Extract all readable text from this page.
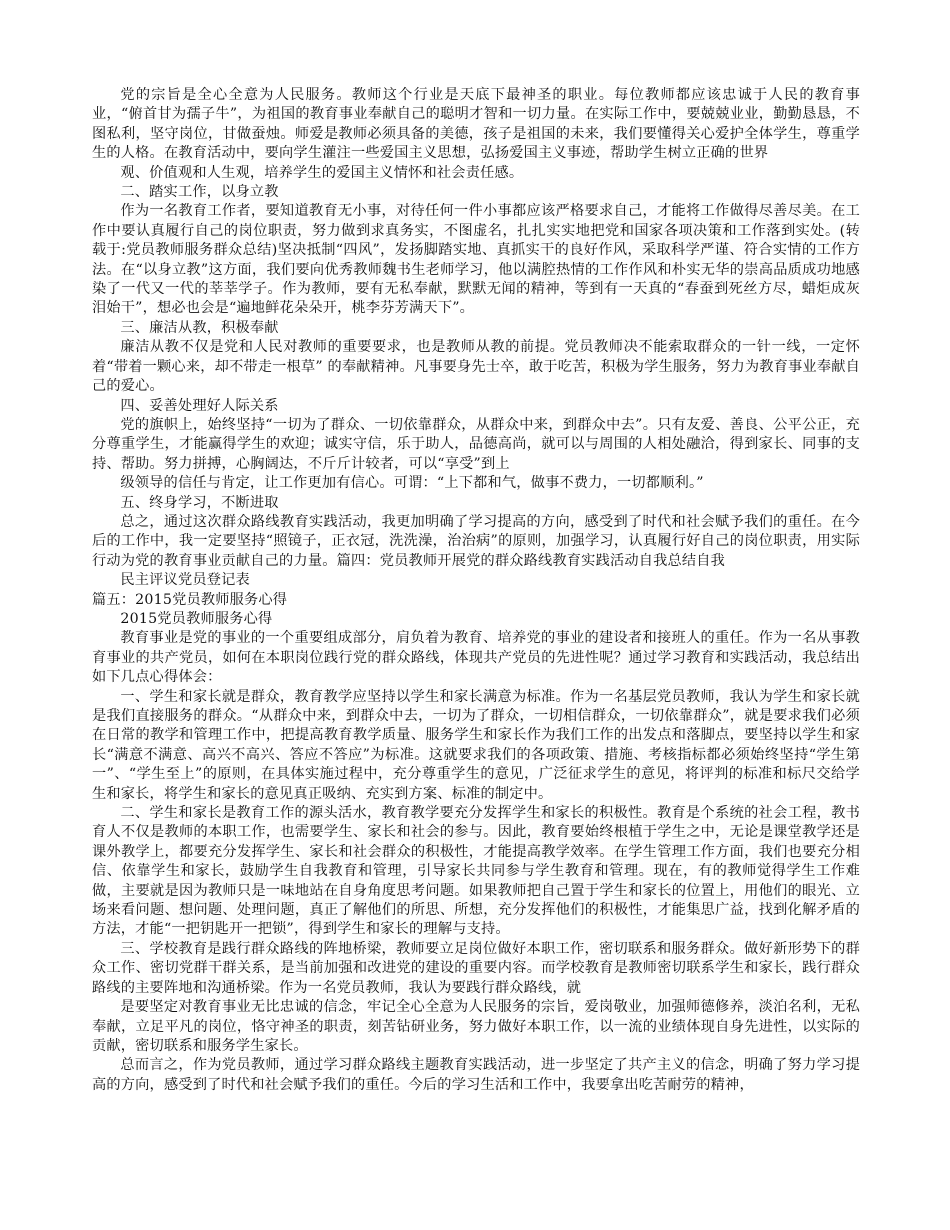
党的宗旨是全心全意为人民服务。教师这个行业是天底下最神圣的职业。每位教师都应该忠诚于人民的教育事业，“俯首甘为孺子牛”，为祖国的教育事业奉献自己的聪明才智和一切力量。在实际工作中，要兢兢业业，勤勤恳恳，不图私利，坚守岗位，甘做蚕烛。师爱是教师必须具备的美德，孩子是祖国的未来，我们要懂得关心爱护全体学生，尊重学生的人格。在教育活动中，要向学生灌注一些爱国主义思想，弘扬爱国主义事迹，帮助学生树立正确的世界

观、价值观和人生观，培养学生的爱国主义情怀和社会责任感。

二、踏实工作，以身立教

作为一名教育工作者，要知道教育无小事，对待任何一件小事都应该严格要求自己，才能将工作做得尽善尽美。在工作中要认真履行自己的岗位职责，努力做到求真务实，不图虚名，扎扎实实地把党和国家各项决策和工作落到实处。(转载于:党员教师服务群众总结)坚决抵制“四风”，发扬脚踏实地、真抓实干的良好作风，采取科学严谨、符合实情的工作方法。在“以身立教”这方面，我们要向优秀教师魏书生老师学习，他以满腔热情的工作作风和朴实无华的崇高品质成功地感染了一代又一代的莘莘学子。作为教师，要有无私奉献，默默无闻的精神，等到有一天真的“春蚕到死丝方尽，蜡炬成灰泪始干”，想必也会是“遍地鲜花朵朵开，桃李芬芳满天下”。

三、廉洁从教，积极奉献

廉洁从教不仅是党和人民对教师的重要要求，也是教师从教的前提。党员教师决不能索取群众的一针一线，一定怀着“带着一颗心来，却不带走一根草” 的奉献精神。凡事要身先士卒，敢于吃苦，积极为学生服务，努力为教育事业奉献自己的爱心。

四、妥善处理好人际关系

党的旗帜上，始终坚持“一切为了群众、一切依靠群众，从群众中来，到群众中去”。只有友爱、善良、公平公正，充分尊重学生，才能赢得学生的欢迎；诚实守信，乐于助人，品德高尚，就可以与周围的人相处融洽，得到家长、同事的支持、帮助。努力拼搏，心胸阔达，不斤斤计较者，可以“享受”到上

级领导的信任与肯定，让工作更加有信心。可谓：“上下都和气，做事不费力，一切都顺利。”

五、终身学习，不断进取

总之，通过这次群众路线教育实践活动，我更加明确了学习提高的方向，感受到了时代和社会赋予我们的重任。在今后的工作中，我一定要坚持“照镜子，正衣冠，洗洗澡，治治病”的原则，加强学习，认真履行好自己的岗位职责，用实际行动为党的教育事业贡献自己的力量。篇四：党员教师开展党的群众路线教育实践活动自我总结自我

民主评议党员登记表

篇五：2015党员教师服务心得

2015党员教师服务心得

教育事业是党的事业的一个重要组成部分，肩负着为教育、培养党的事业的建设者和接班人的重任。作为一名从事教育事业的共产党员，如何在本职岗位践行党的群众路线，体现共产党员的先进性呢？通过学习教育和实践活动，我总结出如下几点心得体会：

一、学生和家长就是群众，教育教学应坚持以学生和家长满意为标准。作为一名基层党员教师，我认为学生和家长就是我们直接服务的群众。“从群众中来，到群众中去，一切为了群众，一切相信群众，一切依靠群众”，就是要求我们必须在日常的教学和管理工作中，把提高教育教学质量、服务学生和家长作为我们工作的出发点和落脚点，要坚持以学生和家长“满意不满意、高兴不高兴、答应不答应”为标准。这就要求我们的各项政策、措施、考核指标都必须始终坚持“学生第一”、“学生至上”的原则，在具体实施过程中，充分尊重学生的意见，广泛征求学生的意见，将评判的标准和标尺交给学生和家长，将学生和家长的意见真正吸纳、充实到方案、标准的制定中。

二、学生和家长是教育工作的源头活水，教育教学要充分发挥学生和家长的积极性。教育是个系统的社会工程，教书育人不仅是教师的本职工作，也需要学生、家长和社会的参与。因此，教育要始终根植于学生之中，无论是课堂教学还是课外教学上，都要充分发挥学生、家长和社会群众的积极性，才能提高教学效率。在学生管理工作方面，我们也要充分相信、依靠学生和家长，鼓励学生自我教育和管理，引导家长共同参与学生教育和管理。现在，有的教师觉得学生工作难做，主要就是因为教师只是一味地站在自身角度思考问题。如果教师把自己置于学生和家长的位置上，用他们的眼光、立场来看问题、想问题、处理问题，真正了解他们的所思、所想，充分发挥他们的积极性，才能集思广益，找到化解矛盾的方法，才能“一把钥匙开一把锁”，得到学生和家长的理解与支持。

三、学校教育是践行群众路线的阵地桥梁，教师要立足岗位做好本职工作，密切联系和服务群众。做好新形势下的群众工作、密切党群干群关系，是当前加强和改进党的建设的重要内容。而学校教育是教师密切联系学生和家长，践行群众路线的主要阵地和沟通桥梁。作为一名党员教师，我认为要践行群众路线，就

是要坚定对教育事业无比忠诚的信念，牢记全心全意为人民服务的宗旨，爱岗敬业，加强师德修养，淡泊名利，无私奉献，立足平凡的岗位，恪守神圣的职责，刻苦钻研业务，努力做好本职工作，以一流的业绩体现自身先进性，以实际的贡献，密切联系和服务学生家长。

总而言之，作为党员教师，通过学习群众路线主题教育实践活动，进一步坚定了共产主义的信念，明确了努力学习提高的方向，感受到了时代和社会赋予我们的重任。今后的学习生活和工作中，我要拿出吃苦耐劳的精神，
